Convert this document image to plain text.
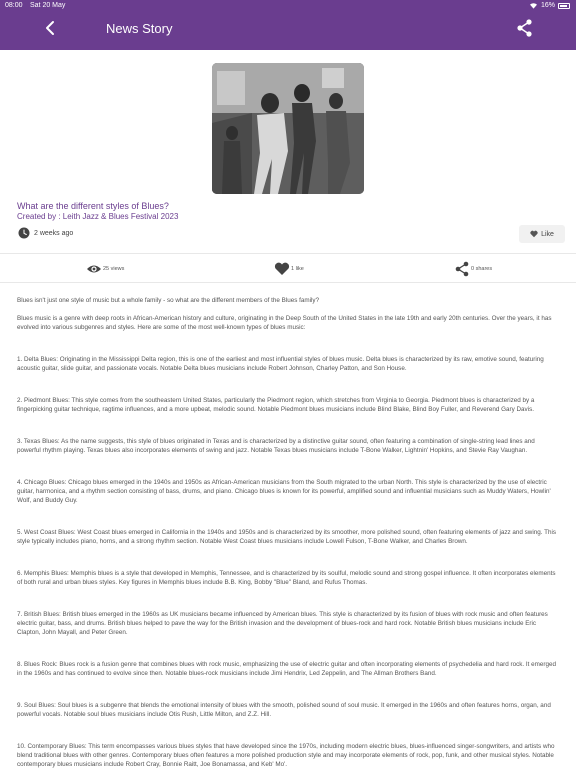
08:00 Sat 20 May	16%
News Story
What are the different styles of Blues?
Created by : Leith Jazz & Blues Festival 2023
2 weeks ago	Like
25 views	1 like	0 shares

Blues isn't just one style of music but a whole family - so what are the different members of the Blues family?

Blues music is a genre with deep roots in African-American history and culture, originating in the Deep South of the United States in the late 19th and early 20th centuries. Over the years, it has evolved into various subgenres and styles. Here are some of the most well-known types of blues music:

1. Delta Blues: Originating in the Mississippi Delta region, this is one of the earliest and most influential styles of blues music. Delta blues is characterized by its raw, emotive sound, featuring acoustic guitar, slide guitar, and passionate vocals. Notable Delta blues musicians include Robert Johnson, Charley Patton, and Son House.

2. Piedmont Blues: This style comes from the southeastern United States, particularly the Piedmont region, which stretches from Virginia to Georgia. Piedmont blues is characterized by a fingerpicking guitar technique, ragtime influences, and a more upbeat, melodic sound. Notable Piedmont blues musicians include Blind Blake, Blind Boy Fuller, and Reverend Gary Davis.

3. Texas Blues: As the name suggests, this style of blues originated in Texas and is characterized by a distinctive guitar sound, often featuring a combination of single-string lead lines and powerful rhythm playing. Texas blues also incorporates elements of swing and jazz. Notable Texas blues musicians include T-Bone Walker, Lightnin' Hopkins, and Stevie Ray Vaughan.

4. Chicago Blues: Chicago blues emerged in the 1940s and 1950s as African-American musicians from the South migrated to the urban North. This style is characterized by the use of electric guitar, harmonica, and a rhythm section consisting of bass, drums, and piano. Chicago blues is known for its powerful, amplified sound and influential musicians such as Muddy Waters, Howlin' Wolf, and Buddy Guy.

5. West Coast Blues: West Coast blues emerged in California in the 1940s and 1950s and is characterized by its smoother, more polished sound, often featuring elements of jazz and swing. This style typically includes piano, horns, and a strong rhythm section. Notable West Coast blues musicians include Lowell Fulson, T-Bone Walker, and Charles Brown.

6. Memphis Blues: Memphis blues is a style that developed in Memphis, Tennessee, and is characterized by its soulful, melodic sound and strong gospel influence. It often incorporates elements of both rural and urban blues styles. Key figures in Memphis blues include B.B. King, Bobby "Blue" Bland, and Rufus Thomas.

7. British Blues: British blues emerged in the 1960s as UK musicians became influenced by American blues. This style is characterized by its fusion of blues with rock music and often features electric guitar, bass, and drums. British blues helped to pave the way for the British invasion and the development of blues-rock and hard rock. Notable British blues musicians include Eric Clapton, John Mayall, and Peter Green.

8. Blues Rock: Blues rock is a fusion genre that combines blues with rock music, emphasizing the use of electric guitar and often incorporating elements of psychedelia and hard rock. It emerged in the 1960s and has continued to evolve since then. Notable blues-rock musicians include Jimi Hendrix, Led Zeppelin, and The Allman Brothers Band.

9. Soul Blues: Soul blues is a subgenre that blends the emotional intensity of blues with the smooth, polished sound of soul music. It emerged in the 1960s and often features horns, organ, and powerful vocals. Notable soul blues musicians include Otis Rush, Little Milton, and Z.Z. Hill.

10. Contemporary Blues: This term encompasses various blues styles that have developed since the 1970s, including modern electric blues, blues-influenced singer-songwriters, and artists who blend traditional blues with other genres. Contemporary blues often features a more polished production style and may incorporate elements of rock, pop, funk, and other musical styles. Notable contemporary blues musicians include Robert Cray, Bonnie Raitt, Joe Bonamassa, and Keb' Mo'.
